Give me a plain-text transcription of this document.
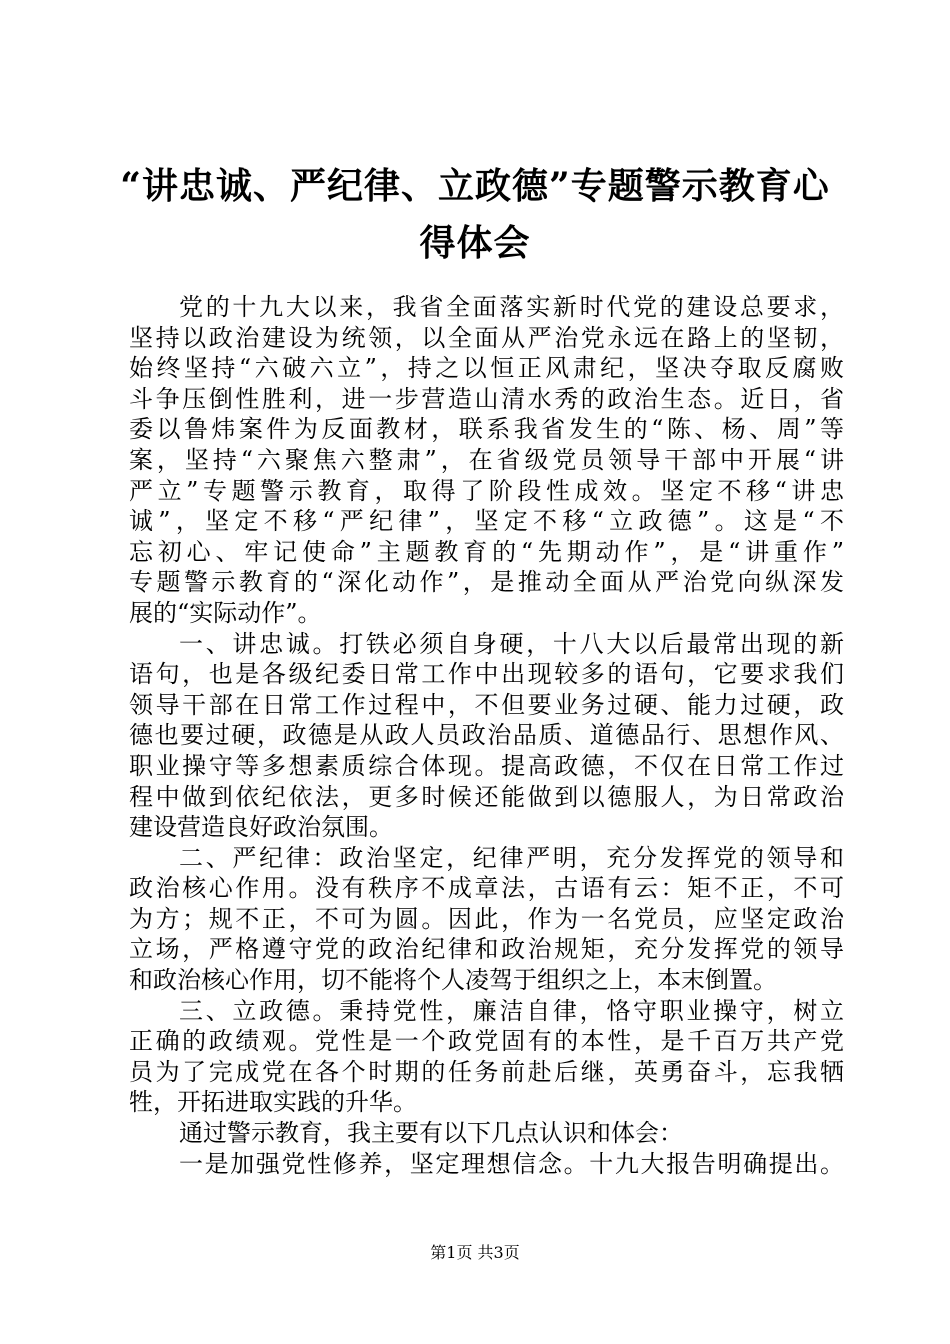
“讲忠诚、严纪律、立政德”专题警示教育心
得体会
党的十九大以来，我省全面落实新时代党的建设总要求，
坚持以政治建设为统领，以全面从严治党永远在路上的坚韧，
始终坚持“六破六立”，持之以恒正风肃纪，坚决夺取反腐败
斗争压倒性胜利，进一步营造山清水秀的政治生态。近日，省
委以鲁炜案件为反面教材，联系我省发生的“陈、杨、周”等
案，坚持“六聚焦六整肃”，在省级党员领导干部中开展“讲
严立”专题警示教育，取得了阶段性成效。坚定不移“讲忠
诚”，坚定不移“严纪律”，坚定不移“立政德”。这是“不
忘初心、牢记使命”主题教育的“先期动作”，是“讲重作”
专题警示教育的“深化动作”，是推动全面从严治党向纵深发
展的“实际动作”。
一、讲忠诚。打铁必须自身硬，十八大以后最常出现的新
语句，也是各级纪委日常工作中出现较多的语句，它要求我们
领导干部在日常工作过程中，不但要业务过硬、能力过硬，政
德也要过硬，政德是从政人员政治品质、道德品行、思想作风、
职业操守等多想素质综合体现。提高政德，不仅在日常工作过
程中做到依纪依法，更多时候还能做到以德服人，为日常政治
建设营造良好政治氛围。
二、严纪律：政治坚定，纪律严明，充分发挥党的领导和
政治核心作用。没有秩序不成章法，古语有云：矩不正，不可
为方；规不正，不可为圆。因此，作为一名党员，应坚定政治
立场，严格遵守党的政治纪律和政治规矩，充分发挥党的领导
和政治核心作用，切不能将个人凌驾于组织之上，本末倒置。
三、立政德。秉持党性，廉洁自律，恪守职业操守，树立
正确的政绩观。党性是一个政党固有的本性，是千百万共产党
员为了完成党在各个时期的任务前赴后继，英勇奋斗，忘我牺
牲，开拓进取实践的升华。
通过警示教育，我主要有以下几点认识和体会：
一是加强党性修养，坚定理想信念。十九大报告明确提出。
第1页 共3页
